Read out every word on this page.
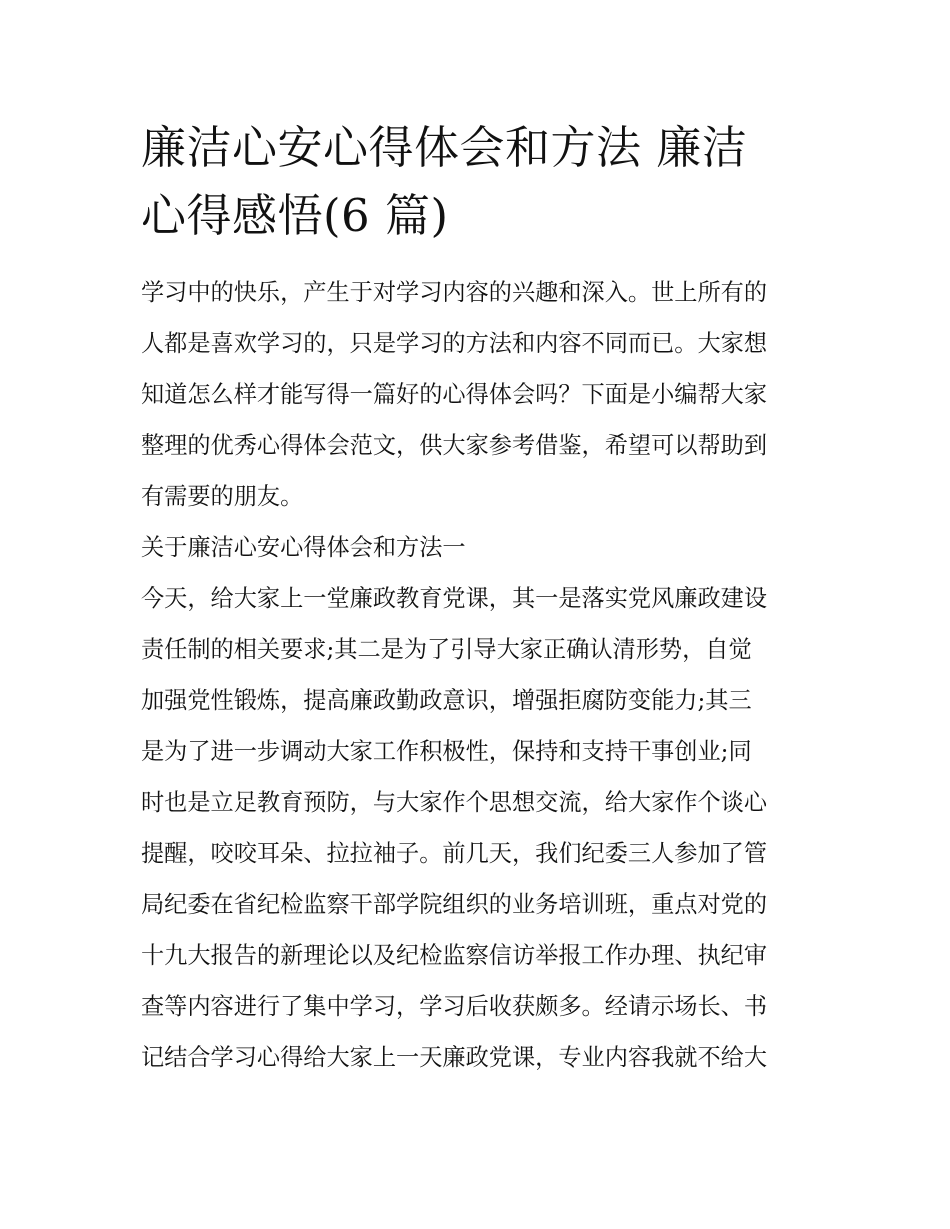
廉洁心安心得体会和方法 廉洁
心得感悟(6 篇)

学习中的快乐，产生于对学习内容的兴趣和深入。世上所有的
人都是喜欢学习的，只是学习的方法和内容不同而已。大家想
知道怎么样才能写得一篇好的心得体会吗？下面是小编帮大家
整理的优秀心得体会范文，供大家参考借鉴，希望可以帮助到
有需要的朋友。

关于廉洁心安心得体会和方法一

今天，给大家上一堂廉政教育党课，其一是落实党风廉政建设
责任制的相关要求;其二是为了引导大家正确认清形势，自觉
加强党性锻炼，提高廉政勤政意识，增强拒腐防变能力;其三
是为了进一步调动大家工作积极性，保持和支持干事创业;同
时也是立足教育预防，与大家作个思想交流，给大家作个谈心
提醒，咬咬耳朵、拉拉袖子。前几天，我们纪委三人参加了管
局纪委在省纪检监察干部学院组织的业务培训班，重点对党的
十九大报告的新理论以及纪检监察信访举报工作办理、执纪审
查等内容进行了集中学习，学习后收获颇多。经请示场长、书
记结合学习心得给大家上一天廉政党课，专业内容我就不给大
